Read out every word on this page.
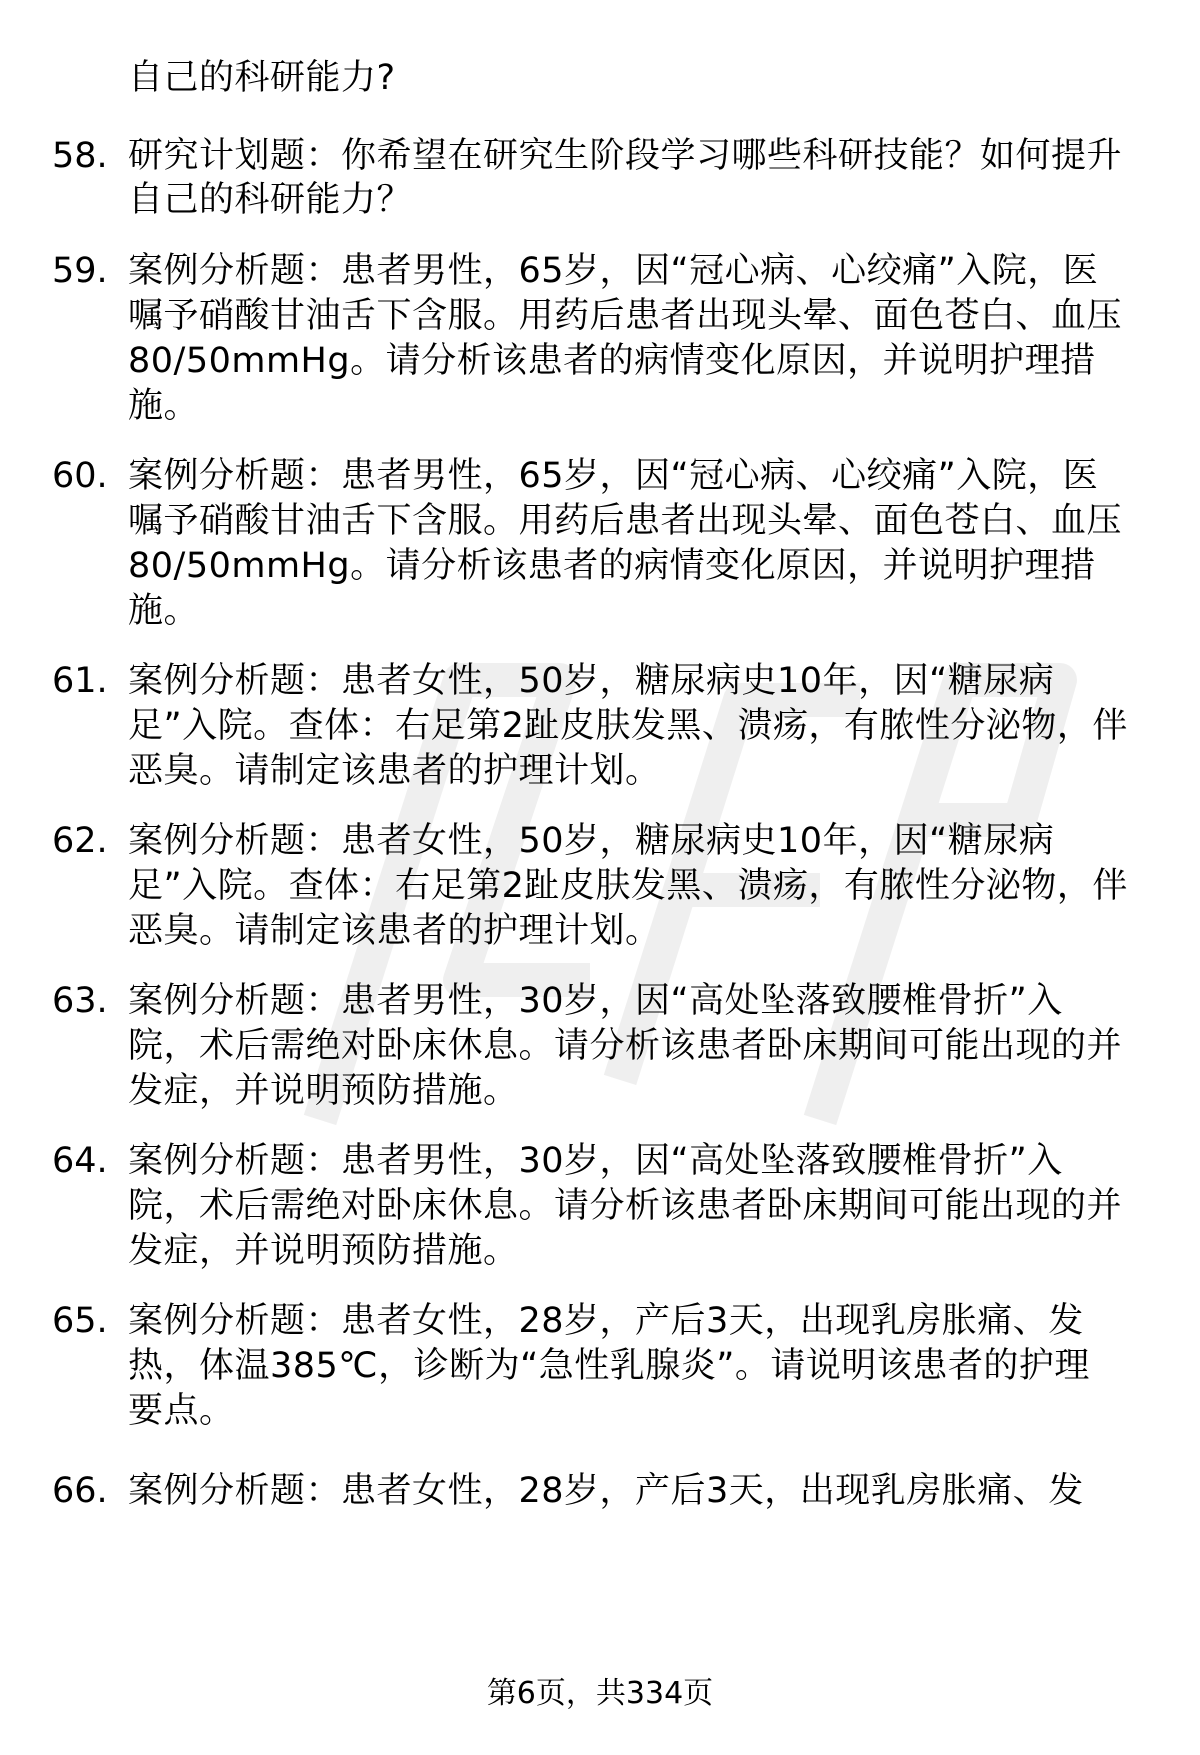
自己的科研能力?
58. 研究计划题：你希望在研究生阶段学习哪些科研技能？如何提升
自己的科研能力？
59. 案例分析题：患者男性，65岁，因“冠心病、心绞痛”入院，医
嘱予硝酸甘油舌下含服。用药后患者出现头晕、面色苍白、血压
80/50mmHg。请分析该患者的病情变化原因，并说明护理措
施。
60. 案例分析题：患者男性，65岁，因“冠心病、心绞痛”入院，医
嘱予硝酸甘油舌下含服。用药后患者出现头晕、面色苍白、血压
80/50mmHg。请分析该患者的病情变化原因，并说明护理措
施。
61. 案例分析题：患者女性，50岁，糖尿病史10年，因“糖尿病
足”入院。查体：右足第2趾皮肤发黑、溃疡，有脓性分泌物，伴
恶臭。请制定该患者的护理计划。
62. 案例分析题：患者女性，50岁，糖尿病史10年，因“糖尿病
足”入院。查体：右足第2趾皮肤发黑、溃疡，有脓性分泌物，伴
恶臭。请制定该患者的护理计划。
63. 案例分析题：患者男性，30岁，因“高处坠落致腰椎骨折”入
院，术后需绝对卧床休息。请分析该患者卧床期间可能出现的并
发症，并说明预防措施。
64. 案例分析题：患者男性，30岁，因“高处坠落致腰椎骨折”入
院，术后需绝对卧床休息。请分析该患者卧床期间可能出现的并
发症，并说明预防措施。
65. 案例分析题：患者女性，28岁，产后3天，出现乳房胀痛、发
热，体温385℃，诊断为“急性乳腺炎”。请说明该患者的护理
要点。
66. 案例分析题：患者女性，28岁，产后3天，出现乳房胀痛、发
第6页，共334页
